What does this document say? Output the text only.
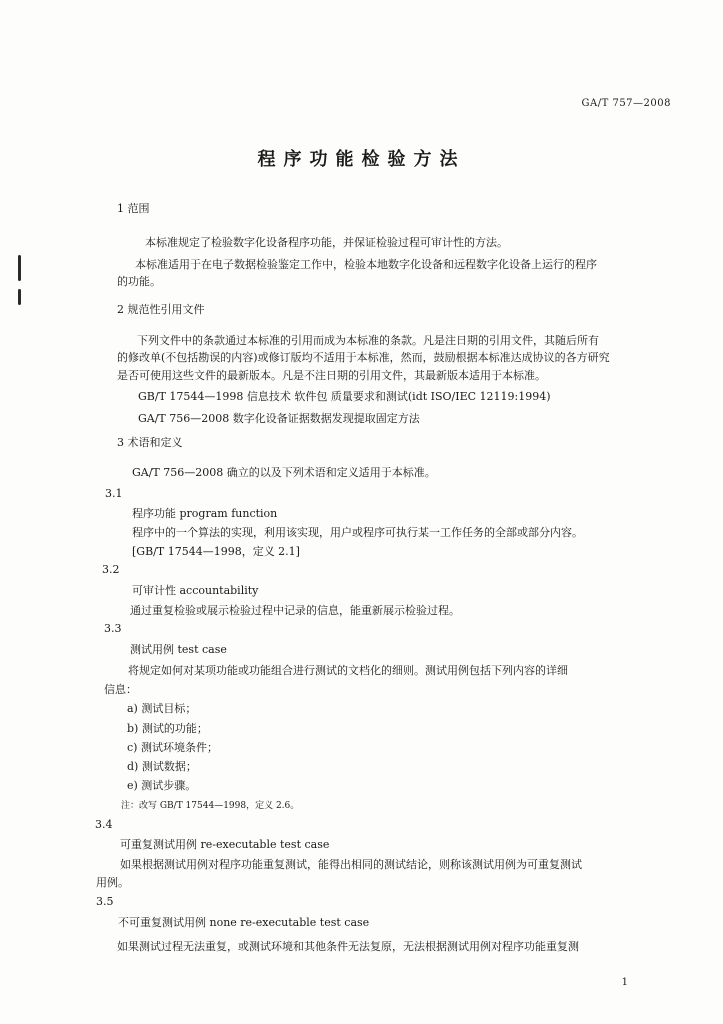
GA/T 757—2008
程序功能检验方法
1 范围
本标准规定了检验数字化设备程序功能，并保证检验过程可审计性的方法。
本标准适用于在电子数据检验鉴定工作中，检验本地数字化设备和远程数字化设备上运行的程序
的功能。
2 规范性引用文件
下列文件中的条款通过本标准的引用而成为本标准的条款。凡是注日期的引用文件，其随后所有
的修改单(不包括勘误的内容)或修订版均不适用于本标准，然而，鼓励根据本标准达成协议的各方研究
是否可使用这些文件的最新版本。凡是不注日期的引用文件，其最新版本适用于本标准。
GB/T 17544—1998 信息技术 软件包 质量要求和测试(idt ISO/IEC 12119:1994)
GA/T 756—2008 数字化设备证据数据发现提取固定方法
3 术语和定义
GA/T 756—2008 确立的以及下列术语和定义适用于本标准。
3.1
程序功能 program function
程序中的一个算法的实现，利用该实现，用户或程序可执行某一工作任务的全部或部分内容。
[GB/T 17544—1998，定义 2.1]
3.2
可审计性 accountability
通过重复检验或展示检验过程中记录的信息，能重新展示检验过程。
3.3
测试用例 test case
将规定如何对某项功能或功能组合进行测试的文档化的细则。测试用例包括下列内容的详细
信息：
a) 测试目标；
b) 测试的功能；
c) 测试环境条件；
d) 测试数据；
e) 测试步骤。
注：改写 GB/T 17544—1998，定义 2.6。
3.4
可重复测试用例 re-executable test case
如果根据测试用例对程序功能重复测试，能得出相同的测试结论，则称该测试用例为可重复测试
用例。
3.5
不可重复测试用例 none re-executable test case
如果测试过程无法重复，或测试环境和其他条件无法复原，无法根据测试用例对程序功能重复测
1
